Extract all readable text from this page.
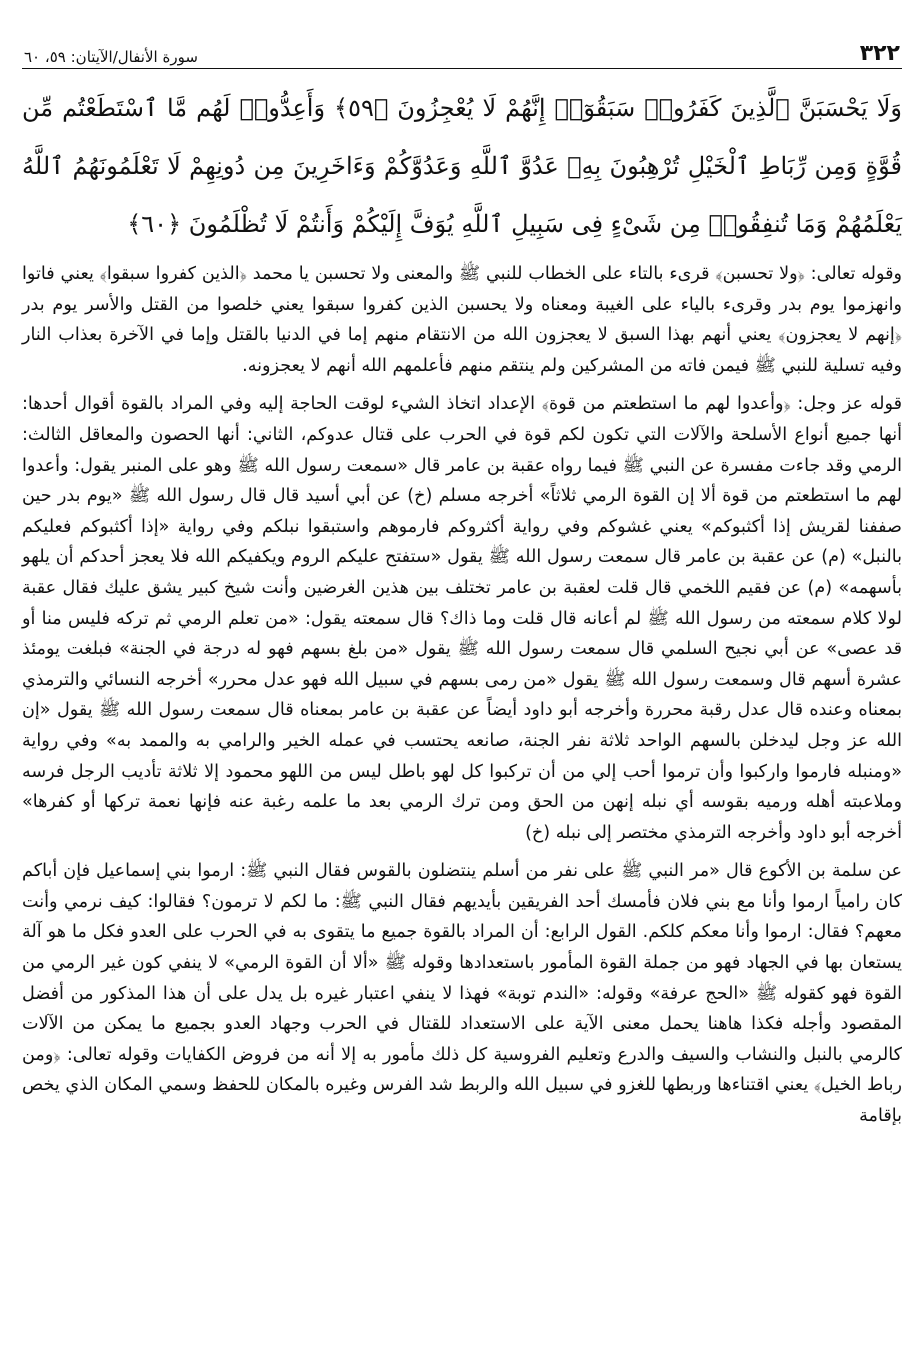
٣٢٢
سورة الأنفال/الآيتان: ٥٩، ٦٠

وَلَا يَحْسَبَنَّ ٱلَّذِينَ كَفَرُوا۟ سَبَقُوٓا۟ إِنَّهُمْ لَا يُعْجِزُونَ ﴿٥٩﴾ وَأَعِدُّوا۟ لَهُم مَّا ٱسْتَطَعْتُم مِّن قُوَّةٍ وَمِن رِّبَاطِ ٱلْخَيْلِ تُرْهِبُونَ بِهِۦ عَدُوَّ ٱللَّهِ وَعَدُوَّكُمْ وَءَاخَرِينَ مِن دُونِهِمْ لَا تَعْلَمُونَهُمُ ٱللَّهُ يَعْلَمُهُمْ وَمَا تُنفِقُوا۟ مِن شَىْءٍ فِى سَبِيلِ ٱللَّهِ يُوَفَّ إِلَيْكُمْ وَأَنتُمْ لَا تُظْلَمُونَ ﴿٦٠﴾

وقوله تعالى: ﴿ولا تحسبن﴾ قرىء بالتاء على الخطاب للنبي ﷺ والمعنى ولا تحسبن يا محمد ﴿الذين كفروا سبقوا﴾ يعني فاتوا وانهزموا يوم بدر وقرىء بالياء على الغيبة ومعناه ولا يحسبن الذين كفروا سبقوا يعني خلصوا من القتل والأسر يوم بدر ﴿إنهم لا يعجزون﴾ يعني أنهم بهذا السبق لا يعجزون الله من الانتقام منهم إما في الدنيا بالقتل وإما في الآخرة بعذاب النار وفيه تسلية للنبي ﷺ فيمن فاته من المشركين ولم ينتقم منهم فأعلمهم الله أنهم لا يعجزونه.

قوله عز وجل: ﴿وأعدوا لهم ما استطعتم من قوة﴾ الإعداد اتخاذ الشيء لوقت الحاجة إليه وفي المراد بالقوة أقوال أحدها: أنها جميع أنواع الأسلحة والآلات التي تكون لكم قوة في الحرب على قتال عدوكم، الثاني: أنها الحصون والمعاقل الثالث: الرمي وقد جاءت مفسرة عن النبي ﷺ فيما رواه عقبة بن عامر قال «سمعت رسول الله ﷺ وهو على المنبر يقول: وأعدوا لهم ما استطعتم من قوة ألا إن القوة الرمي ثلاثاً» أخرجه مسلم (خ) عن أبي أسيد قال قال رسول الله ﷺ «يوم بدر حين صففنا لقريش إذا أكثبوكم» يعني غشوكم وفي رواية أكثروكم فارموهم واستبقوا نبلكم وفي رواية «إذا أكثبوكم فعليكم بالنبل» (م) عن عقبة بن عامر قال سمعت رسول الله ﷺ يقول «ستفتح عليكم الروم ويكفيكم الله فلا يعجز أحدكم أن يلهو بأسهمه» (م) عن فقيم اللخمي قال قلت لعقبة بن عامر تختلف بين هذين الغرضين وأنت شيخ كبير يشق عليك فقال عقبة لولا كلام سمعته من رسول الله ﷺ لم أعانه قال قلت وما ذاك؟ قال سمعته يقول: «من تعلم الرمي ثم تركه فليس منا أو قد عصى» عن أبي نجيح السلمي قال سمعت رسول الله ﷺ يقول «من بلغ بسهم فهو له درجة في الجنة» فبلغت يومئذ عشرة أسهم قال وسمعت رسول الله ﷺ يقول «من رمى بسهم في سبيل الله فهو عدل محرر» أخرجه النسائي والترمذي بمعناه وعنده قال عدل رقبة محررة وأخرجه أبو داود أيضاً عن عقبة بن عامر بمعناه قال سمعت رسول الله ﷺ يقول «إن الله عز وجل ليدخلن بالسهم الواحد ثلاثة نفر الجنة، صانعه يحتسب في عمله الخير والرامي به والممد به» وفي رواية «ومنبله فارموا واركبوا وأن ترموا أحب إلي من أن تركبوا كل لهو باطل ليس من اللهو محمود إلا ثلاثة تأديب الرجل فرسه وملاعبته أهله ورميه بقوسه أي نبله إنهن من الحق ومن ترك الرمي بعد ما علمه رغبة عنه فإنها نعمة تركها أو كفرها» أخرجه أبو داود وأخرجه الترمذي مختصر إلى نبله (خ)

عن سلمة بن الأكوع قال «مر النبي ﷺ على نفر من أسلم ينتضلون بالقوس فقال النبي ﷺ: ارموا بني إسماعيل فإن أباكم كان رامياً ارموا وأنا مع بني فلان فأمسك أحد الفريقين بأيديهم فقال النبي ﷺ: ما لكم لا ترمون؟ فقالوا: كيف نرمي وأنت معهم؟ فقال: ارموا وأنا معكم كلكم. القول الرابع: أن المراد بالقوة جميع ما يتقوى به في الحرب على العدو فكل ما هو آلة يستعان بها في الجهاد فهو من جملة القوة المأمور باستعدادها وقوله ﷺ «ألا أن القوة الرمي» لا ينفي كون غير الرمي من القوة فهو كقوله ﷺ «الحج عرفة» وقوله: «الندم توبة» فهذا لا ينفي اعتبار غيره بل يدل على أن هذا المذكور من أفضل المقصود وأجله فكذا هاهنا يحمل معنى الآية على الاستعداد للقتال في الحرب وجهاد العدو بجميع ما يمكن من الآلات كالرمي بالنبل والنشاب والسيف والدرع وتعليم الفروسية كل ذلك مأمور به إلا أنه من فروض الكفايات وقوله تعالى: ﴿ومن رباط الخيل﴾ يعني اقتناءها وربطها للغزو في سبيل الله والربط شد الفرس وغيره بالمكان للحفظ وسمي المكان الذي يخص بإقامة
